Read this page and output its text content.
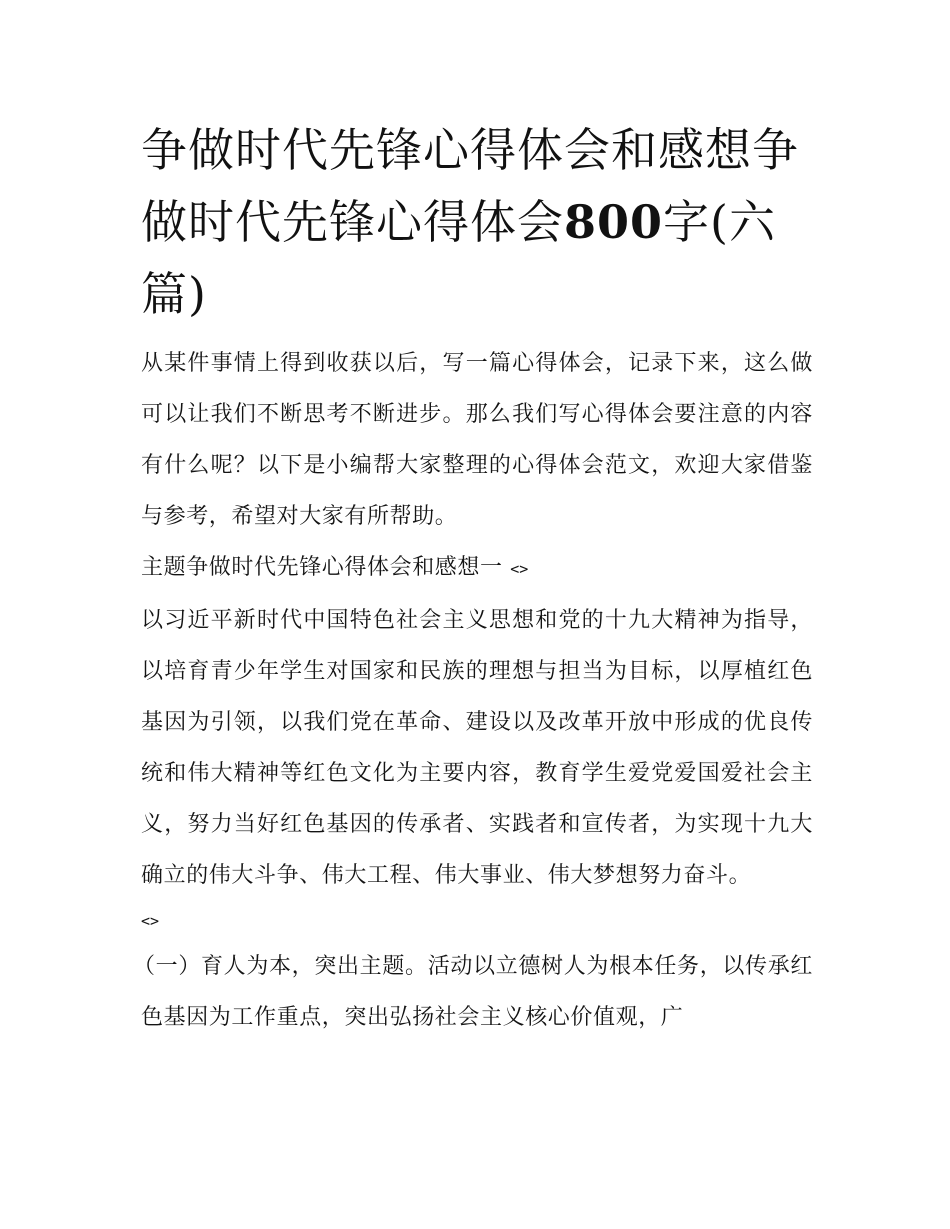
争做时代先锋心得体会和感想争做时代先锋心得体会800字(六篇)

从某件事情上得到收获以后，写一篇心得体会，记录下来，这么做可以让我们不断思考不断进步。那么我们写心得体会要注意的内容有什么呢？以下是小编帮大家整理的心得体会范文，欢迎大家借鉴与参考，希望对大家有所帮助。

主题争做时代先锋心得体会和感想一 <>

以习近平新时代中国特色社会主义思想和党的十九大精神为指导，以培育青少年学生对国家和民族的理想与担当为目标，以厚植红色基因为引领，以我们党在革命、建设以及改革开放中形成的优良传统和伟大精神等红色文化为主要内容，教育学生爱党爱国爱社会主义，努力当好红色基因的传承者、实践者和宣传者，为实现十九大确立的伟大斗争、伟大工程、伟大事业、伟大梦想努力奋斗。

<>

（一）育人为本，突出主题。活动以立德树人为根本任务，以传承红色基因为工作重点，突出弘扬社会主义核心价值观，广
